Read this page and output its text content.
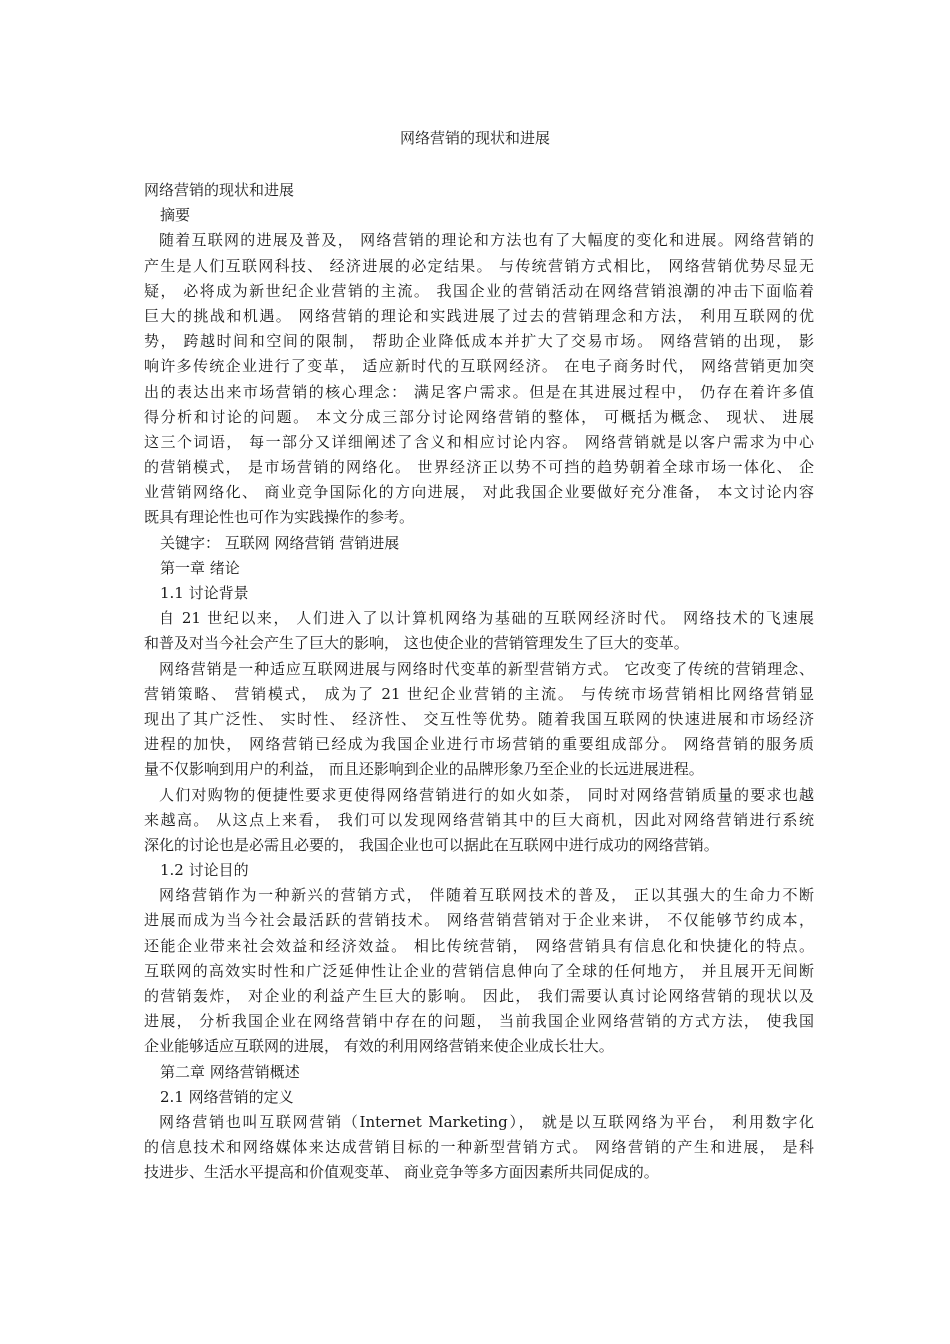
网络营销的现状和进展
网络营销的现状和进展
摘要
随着互联网的进展及普及， 网络营销的理论和方法也有了大幅度的变化和进展。网络营销的
产生是人们互联网科技、 经济进展的必定结果。 与传统营销方式相比， 网络营销优势尽显无
疑， 必将成为新世纪企业营销的主流。 我国企业的营销活动在网络营销浪潮的冲击下面临着
巨大的挑战和机遇。 网络营销的理论和实践进展了过去的营销理念和方法， 利用互联网的优
势， 跨越时间和空间的限制， 帮助企业降低成本并扩大了交易市场。 网络营销的出现， 影
响许多传统企业进行了变革， 适应新时代的互联网经济。 在电子商务时代， 网络营销更加突
出的表达出来市场营销的核心理念： 满足客户需求。但是在其进展过程中， 仍存在着许多值
得分析和讨论的问题。 本文分成三部分讨论网络营销的整体， 可概括为概念、 现状、 进展
这三个词语， 每一部分又详细阐述了含义和相应讨论内容。 网络营销就是以客户需求为中心
的营销模式， 是市场营销的网络化。 世界经济正以势不可挡的趋势朝着全球市场一体化、 企
业营销网络化、 商业竞争国际化的方向进展， 对此我国企业要做好充分准备， 本文讨论内容
既具有理论性也可作为实践操作的参考。
关键字： 互联网 网络营销 营销进展
第一章 绪论
1.1 讨论背景
自 21 世纪以来， 人们进入了以计算机网络为基础的互联网经济时代。 网络技术的飞速展
和普及对当今社会产生了巨大的影响， 这也使企业的营销管理发生了巨大的变革。
网络营销是一种适应互联网进展与网络时代变革的新型营销方式。 它改变了传统的营销理念、
营销策略、 营销模式， 成为了 21 世纪企业营销的主流。 与传统市场营销相比网络营销显
现出了其广泛性、 实时性、 经济性、 交互性等优势。随着我国互联网的快速进展和市场经济
进程的加快， 网络营销已经成为我国企业进行市场营销的重要组成部分。 网络营销的服务质
量不仅影响到用户的利益， 而且还影响到企业的品牌形象乃至企业的长远进展进程。
人们对购物的便捷性要求更使得网络营销进行的如火如荼， 同时对网络营销质量的要求也越
来越高。 从这点上来看， 我们可以发现网络营销其中的巨大商机，因此对网络营销进行系统
深化的讨论也是必需且必要的， 我国企业也可以据此在互联网中进行成功的网络营销。
1.2 讨论目的
网络营销作为一种新兴的营销方式， 伴随着互联网技术的普及， 正以其强大的生命力不断
进展而成为当今社会最活跃的营销技术。 网络营销营销对于企业来讲， 不仅能够节约成本，
还能企业带来社会效益和经济效益。 相比传统营销， 网络营销具有信息化和快捷化的特点。
互联网的高效实时性和广泛延伸性让企业的营销信息伸向了全球的任何地方， 并且展开无间断
的营销轰炸， 对企业的利益产生巨大的影响。 因此， 我们需要认真讨论网络营销的现状以及
进展， 分析我国企业在网络营销中存在的问题， 当前我国企业网络营销的方式方法， 使我国
企业能够适应互联网的进展， 有效的利用网络营销来使企业成长壮大。
第二章 网络营销概述
2.1 网络营销的定义
网络营销也叫互联网营销（Internet Marketing）， 就是以互联网络为平台， 利用数字化
的信息技术和网络媒体来达成营销目标的一种新型营销方式。 网络营销的产生和进展， 是科
技进步、生活水平提高和价值观变革、 商业竞争等多方面因素所共同促成的。
